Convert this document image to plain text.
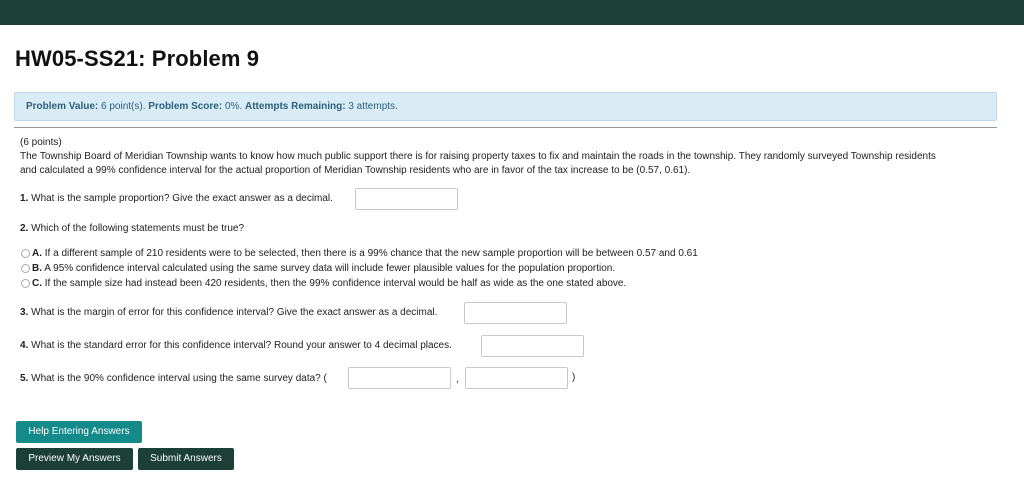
HW05-SS21: Problem 9
Problem Value: 6 point(s). Problem Score: 0%. Attempts Remaining: 3 attempts.
(6 points)
The Township Board of Meridian Township wants to know how much public support there is for raising property taxes to fix and maintain the roads in the township. They randomly surveyed Township residents
and calculated a 99% confidence interval for the actual proportion of Meridian Township residents who are in favor of the tax increase to be (0.57, 0.61).
1. What is the sample proportion? Give the exact answer as a decimal.
2. Which of the following statements must be true?
A. If a different sample of 210 residents were to be selected, then there is a 99% chance that the new sample proportion will be between 0.57 and 0.61
B. A 95% confidence interval calculated using the same survey data will include fewer plausible values for the population proportion.
C. If the sample size had instead been 420 residents, then the 99% confidence interval would be half as wide as the one stated above.
3. What is the margin of error for this confidence interval? Give the exact answer as a decimal.
4. What is the standard error for this confidence interval? Round your answer to 4 decimal places.
5. What is the 90% confidence interval using the same survey data? (	,	)
Help Entering Answers
Preview My Answers	Submit Answers
